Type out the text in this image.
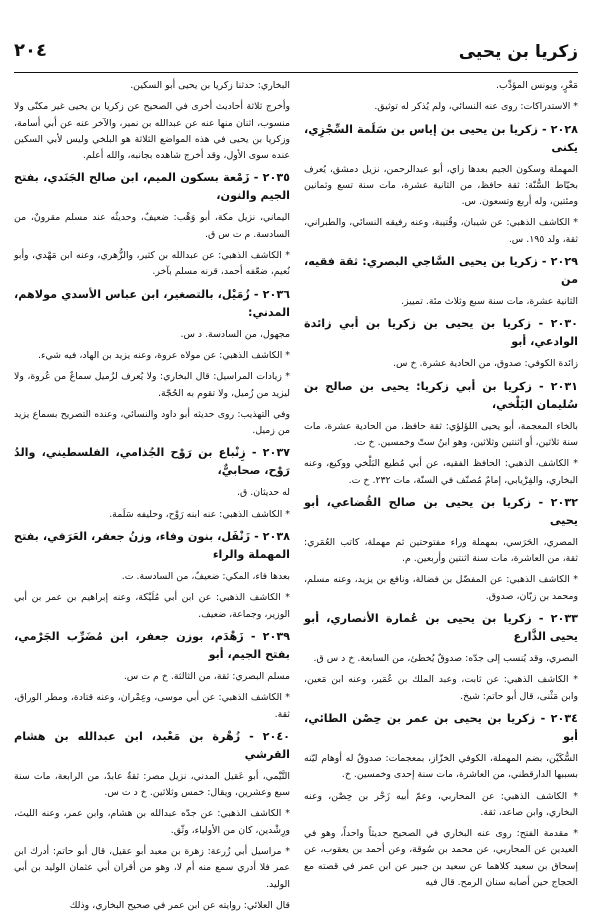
زكريا بن يحيى
٢٠٤

مَعْرٍ، ويونس المؤدِّب.

* الاستدراكات: روى عنه النسائي، ولم يُذكر له توثيق.

٢٠٢٨ - زكريا بن يحيى بن إياس بن سَلَمة السِّجْزِي، يكنى

المهملة وسكون الجيم بعدها زاي، أبو عبدالرحمن، نزيل دمشق، يُعرف بخيّاط السُّنّة: ثقة حافظ، من الثانية عشرة، مات سنة تسع وثمانين ومئتين، وله أربع وتسعون. س.

* الكاشف الذهبي: عن شيبان، وقُتيبة، وعنه رفيقه النسائي، والطبراني، ثقة، ولد ١٩٥. س.

٢٠٢٩ - زكريا بن يحيى السَّاجي البصري: ثقة فقيه، من

الثانية عشرة، مات سنة سبع وثلاث مئة. تمييز.

٢٠٣٠ - زكريا بن يحيى بن زكريا بن أبي زائدة الوادعي، أبو

زائدة الكوفي: صدوق، من الحادية عشرة. خ س.

٢٠٣١ - زكريا بن أبي زكريا: يحيى بن صالح بن سُليمان البَلْخي،

بالخاء المعجمة، أبو يحيى اللؤلؤي: ثقة حافظ، من الحادية عشرة، مات سنة ثلاثين، أو اثنتين وثلاثين، وهو ابنُ ستّ وخمسين. خ ت.

* الكاشف الذهبي: الحافظ الفقيه، عن أبي مُطيع البَلْخي ووكيع، وعنه البخاري، والفِرْيابي، إمامٌ مُصنّف في السنّة، مات ٢٣٢. خ ت.

٢٠٣٢ - زكريا بن يحيى بن صالح القُضاعي، أبو يحيى

المصري، الحَرَسي، بمهملة وراء مفتوحتين ثم مهملة، كاتب العُمَري: ثقة، من العاشرة، مات سنة اثنتين وأربعين. م.

* الكاشف الذهبي: عن المفضّل بن فضالة، ونافع بن يزيد، وعنه مسلم، ومحمد بن زبّان، صدوق.

٢٠٣٣ - زكريا بن يحيى بن عُمارة الأنصاري، أبو يحيى الذَّارع

البصري، وقد يُنسب إلى جدّه: صدوقٌ يُخطئ، من السابعة. خ د س ق.

* الكاشف الذهبي: عن ثابت، وعبد الملك بن عُمَير، وعنه ابن مَعين، وابن مَثْنى، قال أبو حاتم: شيخ.

٢٠٣٤ - زكريا بن يحيى بن عمر بن حِصْن الطائي، أبو

السُّكَيْن، بضم المهملة، الكوفي الخزّاز، بمعجمات: صدوقٌ له أوهام ليّنه بسببها الدارقطني، من العاشرة، مات سنة إحدى وخمسين. خ.

* الكاشف الذهبي: عن المحاربي، وعمّ أبيه زَحْر بن حِصْن، وعنه البخاري، وابن صاعد، ثقة.

* مقدمة الفتح: روى عنه البخاري في الصحيح حديثاً واحداً، وهو في العيدين عن المحاربي، عن محمد بن سُوقة، وعن أحمد بن يعقوب، عن إسحاق بن سعيد كلاهما عن سعيد بن جبير عن ابن عمر في قصته مع الحجاج حين أصابه سنان الرمح. قال فيه

البخاري: حدثنا زكريا بن يحيى أبو السكين.

وأخرج ثلاثة أحاديث أخرى في الصحيح عن زكريا بن يحيى غير مكنّى ولا منسوب، اثنان منها عنه عن عبدالله بن نمير، والآخر عنه عن أبي أسامة، وزكريا بن يحيى في هذه المواضع الثلاثة هو البلخي وليس لأبي السكين عنده سوى الأول، وقد أخرج شاهده بجانبه، والله أعلم.

٢٠٣٥ - زَمْعة بسكون الميم، ابن صالح الجَنَدي، بفتح الجيم والنون،

اليماني، نزيل مكة، أبو وَهْب: ضعيفٌ، وحديثُه عند مسلم مقرونٌ، من السادسة. م ت س ق.

* الكاشف الذهبي: عن عبدالله بن كثير، والزُّهري، وعنه ابن مَهْدي، وأبو نُعيم، ضعّفه أحمد، قرنه مسلم بآخر.

٢٠٣٦ - زُمَيْل، بالتصغير، ابن عباس الأسدي مولاهم، المدني:

مجهول، من السادسة. د س.

* الكاشف الذهبي: عن مولاه عروة، وعنه يزيد بن الهاد، فيه شيء.

* زيادات المراسيل: قال البخاري: ولا يُعرف لزُميل سماعٌ من عُروة، ولا ليزيد من زُميل، ولا تقوم به الحُجّة.

وفي التهذيب: روى حديثه أبو داود والنسائي، وعنده التصريح بسماع يزيد من زميل.

٢٠٣٧ - زِنْباع بن رَوْح الجُذامي، الفلسطيني، والدُ رَوْح، صحابيٌّ،

له حديثان. ق.

* الكاشف الذهبي: عنه ابنه رَوْح، وحليفه سَلَمة.

٢٠٣٨ - زَنْفَل، بنون وفاء، وزنُ جعفر، العَرَفي، بفتح المهملة والراء

بعدها فاء، المكي: ضعيفٌ، من السادسة. ت.

* الكاشف الذهبي: عن ابن أبي مُلَيْكة، وعنه إبراهيم بن عمر بن أبي الوزير، وجماعة، ضعيف.

٢٠٣٩ - زَهْدَم، بوزن جعفر، ابن مُضَرِّب الجَرْمي، بفتح الجيم، أبو

مسلم البصري: ثقة، من الثالثة. خ م ت س.

* الكاشف الذهبي: عن أبي موسى، وعِمْران، وعنه قتادة، ومطر الوراق، ثقة.

٢٠٤٠ - زُهْرة بن مَعْبد، ابن عبدالله بن هشام القرشي

التَّيْمي، أبو عَقيل المدني، نزيل مصر: ثقةٌ عابدٌ، من الرابعة، مات سنة سبع وعشرين، ويقال: خمس وثلاثين. خ د ت س.

* الكاشف الذهبي: عن جدّه عبدالله بن هشام، وابن عمر، وعنه الليث، ورِشْدين، كان من الأولياء، وثّق.

* مراسيل أبي زُرعة: زهرة بن معبد أبو عقيل، قال أبو حاتم: أدرك ابن عمر فلا أدري سمع منه أم لا، وهو من أقران أبي عثمان الوليد بن أبي الوليد.

قال العلائي: روايته عن ابن عمر في صحيح البخاري، وذلك
